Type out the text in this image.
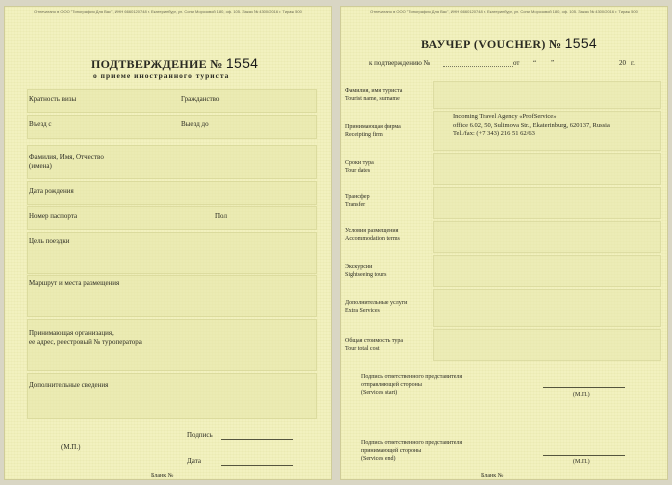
Отпечатано в ООО "Типография Для Вас", ИНН 6660120748 г. Екатеринбург, ул. Сони Морозовой 180, оф. 105. Заказ № 4300/2016 г. Тираж 500
ПОДТВЕРЖДЕНИЕ № 1554
о приеме иностранного туриста
Кратность визы	Гражданство
Въезд с	Выезд до
Фамилия, Имя, Отчество
(имена)
Дата рождения
Номер паспорта	Пол
Цель поездки
Маршрут и места размещения
Принимающая организация,
ее адрес, реестровый № туроператора
Дополнительные сведения
Подпись
(М.П.)
Дата
Бланк №
Отпечатано в ООО "Типография Для Вас", ИНН 6660120748 г. Екатеринбург, ул. Сони Морозовой 180, оф. 105. Заказ № 4300/2016 г. Тираж 500
ВАУЧЕР (VOUCHER) № 1554
к подтверждению №	от “ ”	20 г.
Фамилия, имя туриста
Tourist name, surname
Принимающая фирма
Receipting firm
Incoming Travel Agency «ProfService»
office 6.02, 50, Sulimova Str., Ekaterinburg, 620137, Russia
Tel./fax: (+7 343) 216 51 62/63
Сроки тура
Tour dates
Трансфер
Transfer
Условия размещения
Accommodation terms
Экскурсии
Sightseeing tours
Дополнительные услуги
Extra Services
Общая стоимость тура
Tour total cost
Подпись ответственного представителя
отправляющей стороны
(Services start)	(М.П.)
Подпись ответственного представителя
принимающей стороны
(Services end)	(М.П.)
Бланк №
